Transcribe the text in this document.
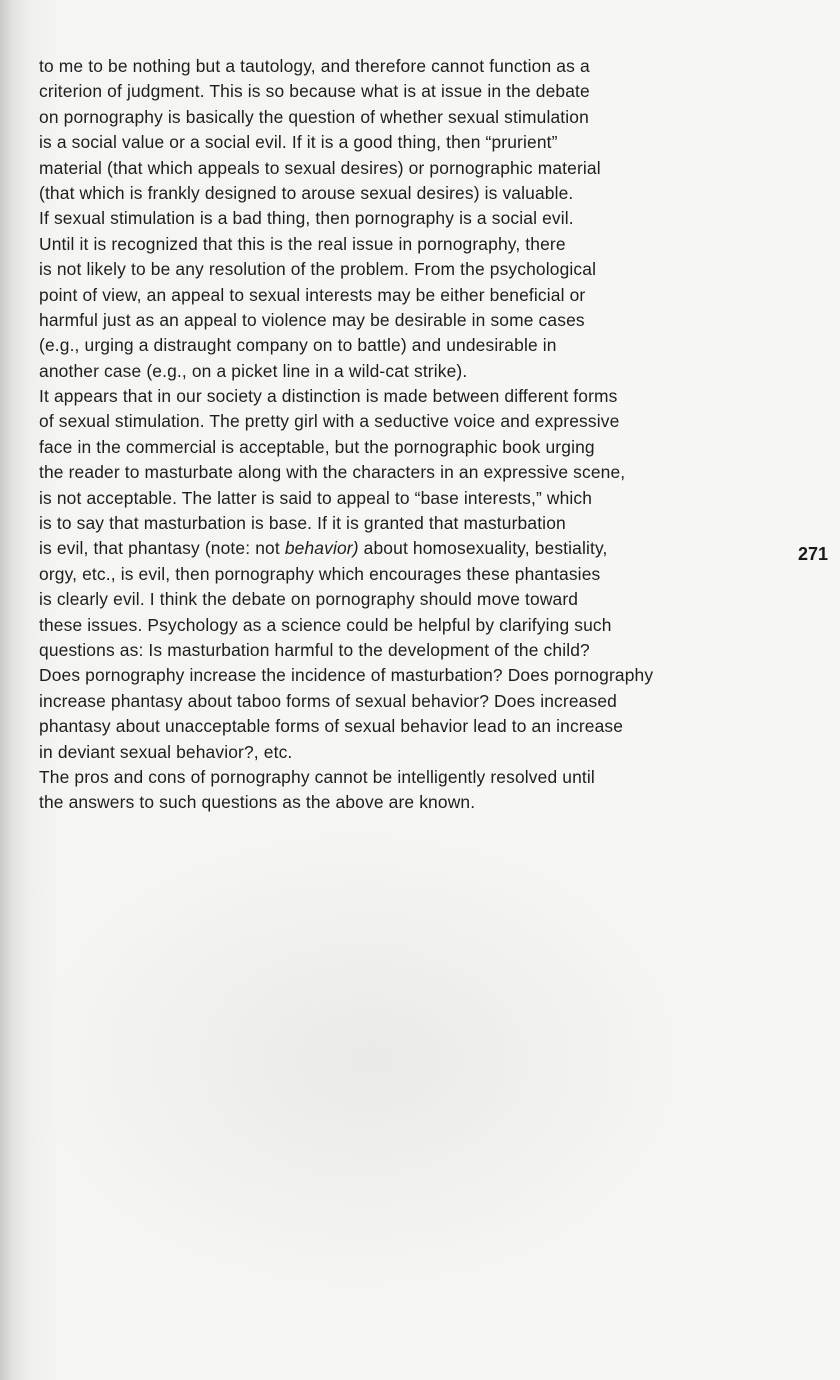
to me to be nothing but a tautology, and therefore cannot function as a
criterion of judgment. This is so because what is at issue in the debate
on pornography is basically the question of whether sexual stimulation
is a social value or a social evil. If it is a good thing, then “prurient”
material (that which appeals to sexual desires) or pornographic material
(that which is frankly designed to arouse sexual desires) is valuable.
If sexual stimulation is a bad thing, then pornography is a social evil.
Until it is recognized that this is the real issue in pornography, there
is not likely to be any resolution of the problem. From the psychological
point of view, an appeal to sexual interests may be either beneficial or
harmful just as an appeal to violence may be desirable in some cases
(e.g., urging a distraught company on to battle) and undesirable in
another case (e.g., on a picket line in a wild-cat strike).
It appears that in our society a distinction is made between different forms
of sexual stimulation. The pretty girl with a seductive voice and expressive
face in the commercial is acceptable, but the pornographic book urging
the reader to masturbate along with the characters in an expressive scene,
is not acceptable. The latter is said to appeal to “base interests,” which
is to say that masturbation is base. If it is granted that masturbation
is evil, that phantasy (note: not behavior) about homosexuality, bestiality,
orgy, etc., is evil, then pornography which encourages these phantasies
is clearly evil. I think the debate on pornography should move toward
these issues. Psychology as a science could be helpful by clarifying such
questions as: Is masturbation harmful to the development of the child?
Does pornography increase the incidence of masturbation? Does pornography
increase phantasy about taboo forms of sexual behavior? Does increased
phantasy about unacceptable forms of sexual behavior lead to an increase
in deviant sexual behavior?, etc.
The pros and cons of pornography cannot be intelligently resolved until
the answers to such questions as the above are known.
271
